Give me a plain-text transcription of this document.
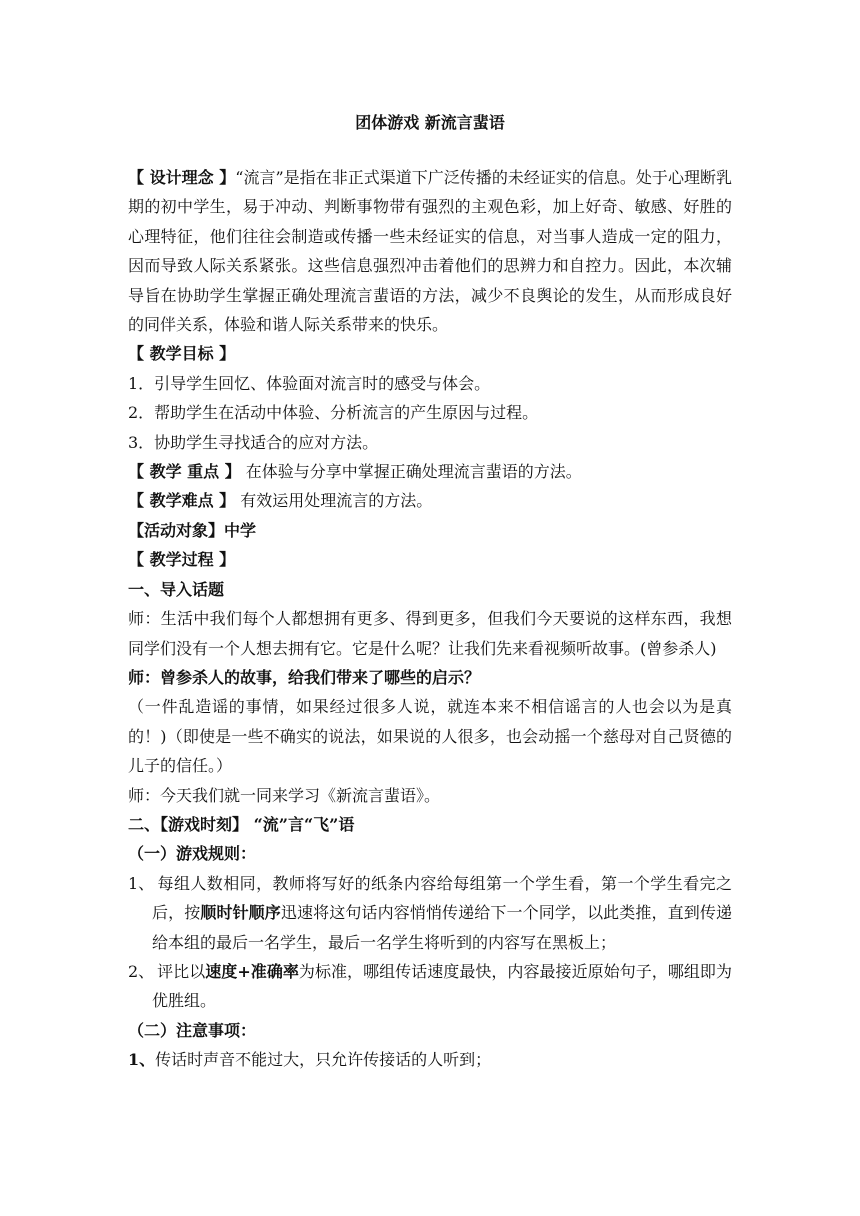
团体游戏 新流言蜚语

【 设计理念 】“流言”是指在非正式渠道下广泛传播的未经证实的信息。处于心理断乳期的初中学生，易于冲动、判断事物带有强烈的主观色彩，加上好奇、敏感、好胜的心理特征，他们往往会制造或传播一些未经证实的信息，对当事人造成一定的阻力，因而导致人际关系紧张。这些信息强烈冲击着他们的思辨力和自控力。因此，本次辅导旨在协助学生掌握正确处理流言蜚语的方法，减少不良舆论的发生，从而形成良好的同伴关系，体验和谐人际关系带来的快乐。

【 教学目标 】

1．引导学生回忆、体验面对流言时的感受与体会。

2．帮助学生在活动中体验、分析流言的产生原因与过程。

3．协助学生寻找适合的应对方法。

【 教学 重点 】 在体验与分享中掌握正确处理流言蜚语的方法。

【 教学难点 】 有效运用处理流言的方法。

【活动对象】中学

【 教学过程 】

一、导入话题

师：生活中我们每个人都想拥有更多、得到更多，但我们今天要说的这样东西，我想同学们没有一个人想去拥有它。它是什么呢？让我们先来看视频听故事。(曾参杀人)

师：曾参杀人的故事，给我们带来了哪些的启示？

（一件乱造谣的事情，如果经过很多人说，就连本来不相信谣言的人也会以为是真的！)（即使是一些不确实的说法，如果说的人很多，也会动摇一个慈母对自己贤德的儿子的信任。）

师：今天我们就一同来学习《新流言蜚语》。

二、【游戏时刻】 “流”言“飞”语

（一）游戏规则：

1、 每组人数相同，教师将写好的纸条内容给每组第一个学生看，第一个学生看完之后，按顺时针顺序迅速将这句话内容悄悄传递给下一个同学，以此类推，直到传递给本组的最后一名学生，最后一名学生将听到的内容写在黑板上；

2、 评比以速度+准确率为标准，哪组传话速度最快，内容最接近原始句子，哪组即为优胜组。

（二）注意事项：

1、传话时声音不能过大，只允许传接话的人听到；
